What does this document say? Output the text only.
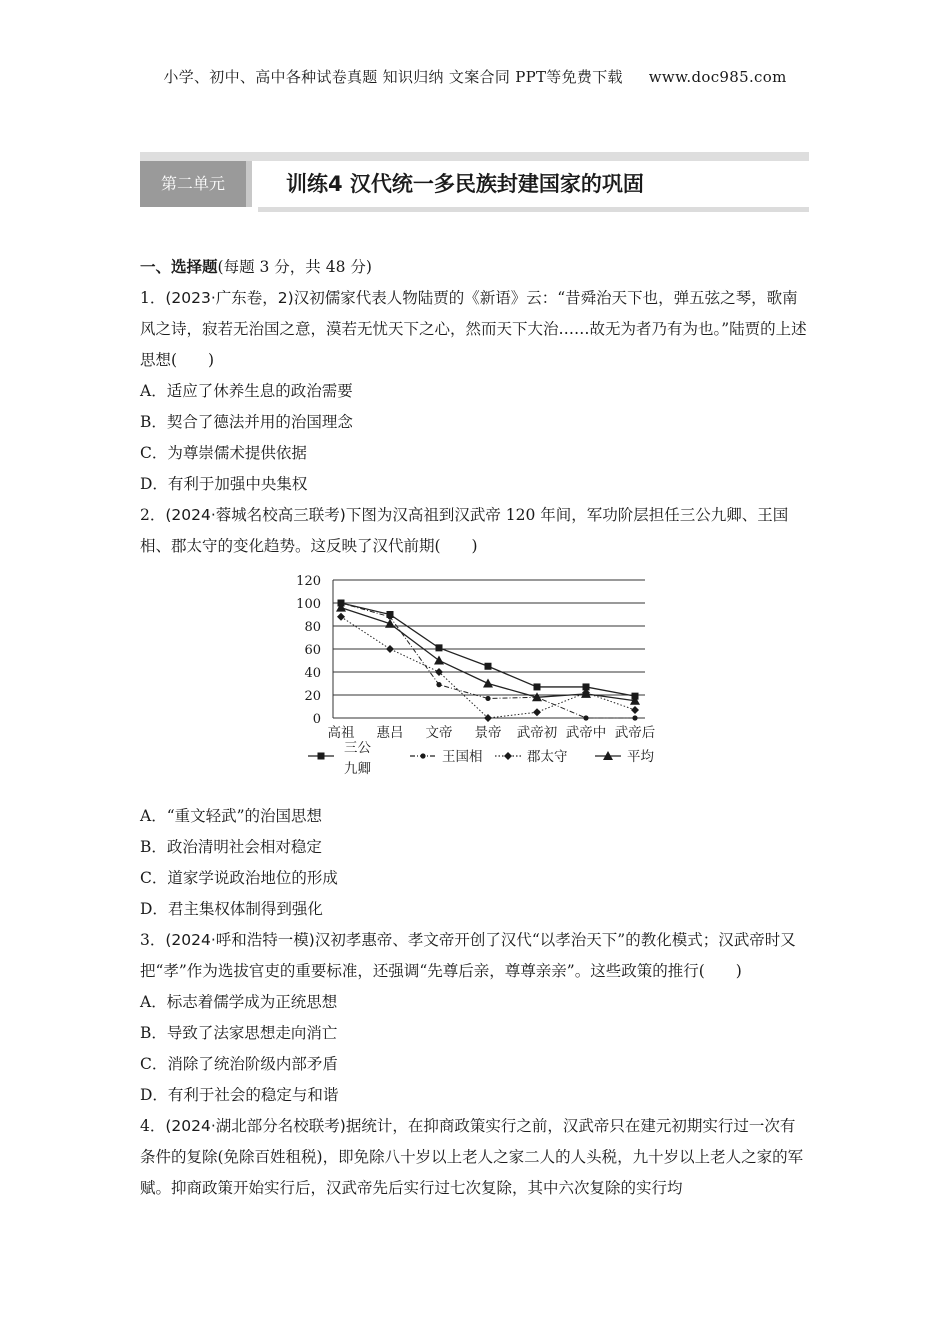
小学、初中、高中各种试卷真题 知识归纳 文案合同 PPT等免费下载 www.doc985.com
第二单元	训练4 汉代统一多民族封建国家的巩固
一、选择题(每题 3 分，共 48 分)
1．(2023·广东卷，2)汉初儒家代表人物陆贾的《新语》云：“昔舜治天下也，弹五弦之琴，歌南风之诗，寂若无治国之意，漠若无忧天下之心，然而天下大治……故无为者乃有为也。”陆贾的上述思想(　　)
A．适应了休养生息的政治需要
B．契合了德法并用的治国理念
C．为尊崇儒术提供依据
D．有利于加强中央集权
2．(2024·蓉城名校高三联考)下图为汉高祖到汉武帝 120 年间，军功阶层担任三公九卿、王国相、郡太守的变化趋势。这反映了汉代前期(　　)
0
20
40
60
80
100
120
高祖 惠吕 文帝 景帝 武帝初 武帝中 武帝后
三公
九卿
王国相	郡太守	平均
A．“重文轻武”的治国思想
B．政治清明社会相对稳定
C．道家学说政治地位的形成
D．君主集权体制得到强化
3．(2024·呼和浩特一模)汉初孝惠帝、孝文帝开创了汉代“以孝治天下”的教化模式；汉武帝时又把“孝”作为选拔官吏的重要标准，还强调“先尊后亲，尊尊亲亲”。这些政策的推行(　　)
A．标志着儒学成为正统思想
B．导致了法家思想走向消亡
C．消除了统治阶级内部矛盾
D．有利于社会的稳定与和谐
4．(2024·湖北部分名校联考)据统计，在抑商政策实行之前，汉武帝只在建元初期实行过一次有条件的复除(免除百姓租税)，即免除八十岁以上老人之家二人的人头税，九十岁以上老人之家的军赋。抑商政策开始实行后，汉武帝先后实行过七次复除，其中六次复除的实行均
